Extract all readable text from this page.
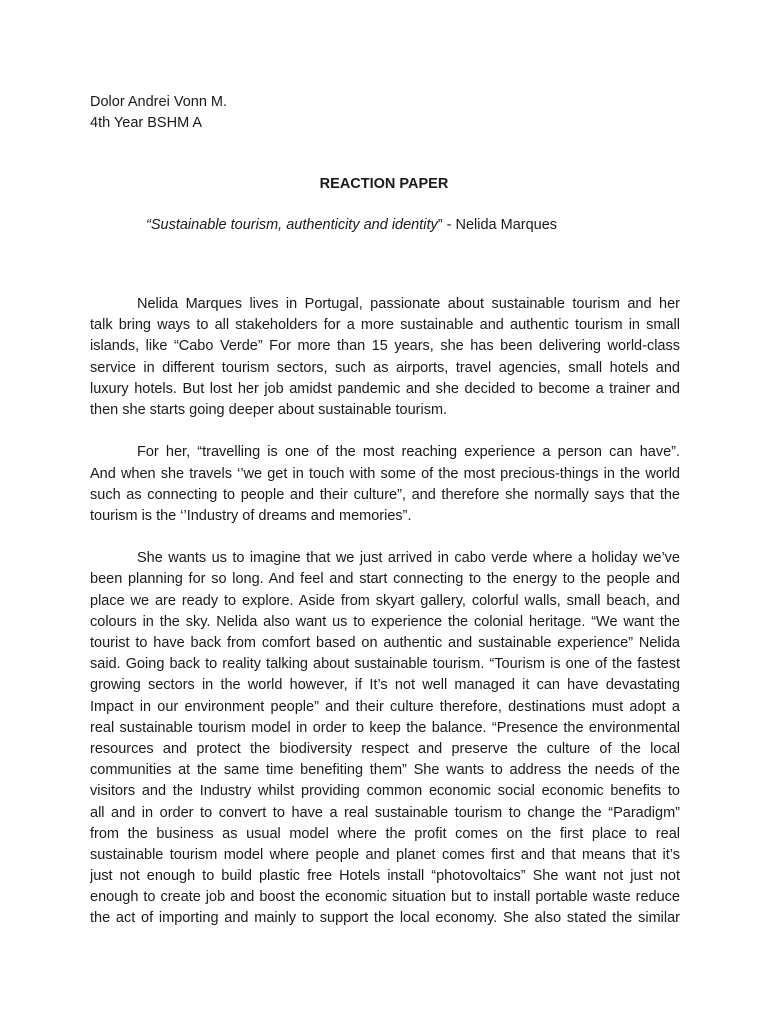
Dolor Andrei Vonn M.
4th Year BSHM A
REACTION PAPER
“Sustainable tourism, authenticity and identity” - Nelida Marques
Nelida Marques lives in Portugal, passionate about sustainable tourism and her
talk bring ways to all stakeholders for a more sustainable and authentic tourism in small
islands, like “Cabo Verde” For more than 15 years, she has been delivering world-class
service in different tourism sectors, such as airports, travel agencies, small hotels and
luxury hotels. But lost her job amidst pandemic and she decided to become a trainer and
then she starts going deeper about sustainable tourism.
For her, “travelling is one of the most reaching experience a person can have”.
And when she travels ‘’we get in touch with some of the most precious-things in the world
such as connecting to people and their culture”, and therefore she normally says that the
tourism is the ‘’Industry of dreams and memories”.
She wants us to imagine that we just arrived in cabo verde where a holiday we’ve
been planning for so long. And feel and start connecting to the energy to the people and
place we are ready to explore. Aside from skyart gallery, colorful walls, small beach, and
colours in the sky. Nelida also want us to experience the colonial heritage. “We want the
tourist to have back from comfort based on authentic and sustainable experience” Nelida
said. Going back to reality talking about sustainable tourism. “Tourism is one of the fastest
growing sectors in the world however, if It’s not well managed it can have devastating
Impact in our environment people” and their culture therefore, destinations must adopt a
real sustainable tourism model in order to keep the balance. “Presence the environmental
resources and protect the biodiversity respect and preserve the culture of the local
communities at the same time benefiting them” She wants to address the needs of the
visitors and the Industry whilst providing common economic social economic benefits to
all and in order to convert to have a real sustainable tourism to change the “Paradigm”
from the business as usual model where the profit comes on the first place to real
sustainable tourism model where people and planet comes first and that means that it’s
just not enough to build plastic free Hotels install “photovoltaics” She want not just not
enough to create job and boost the economic situation but to install portable waste reduce
the act of importing and mainly to support the local economy. She also stated the similar
